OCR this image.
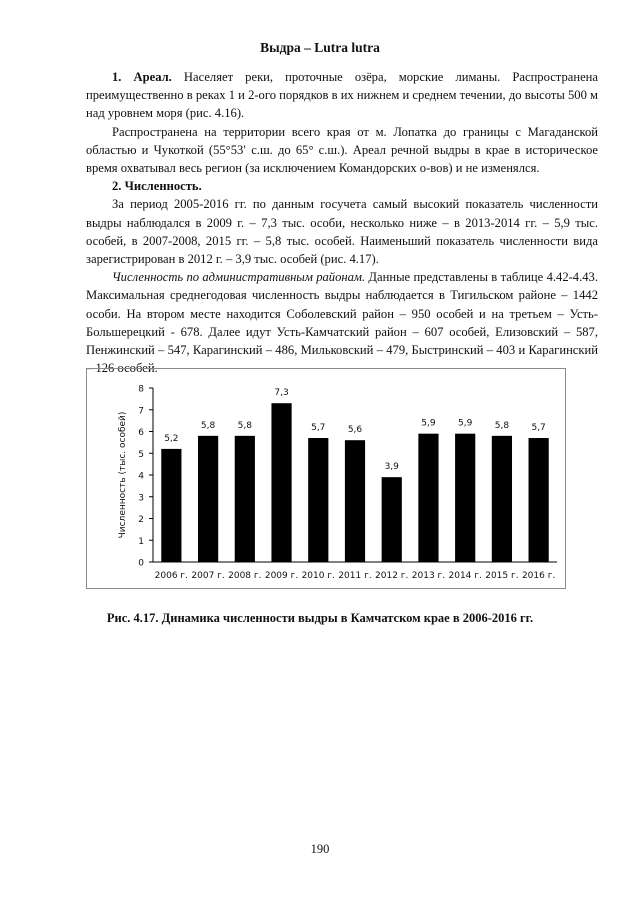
Выдра – Lutra lutra

1. Ареал. Населяет реки, проточные озёра, морские лиманы. Распространена преимущественно в реках 1 и 2-ого порядков в их нижнем и среднем течении, до высоты 500 м над уровнем моря (рис. 4.16).

Распространена на территории всего края от м. Лопатка до границы с Магаданской областью и Чукоткой (55°53′ с.ш. до 65° с.ш.). Ареал речной выдры в крае в историческое время охватывал весь регион (за исключением Командорских о-вов) и не изменялся.

2. Численность.

За период 2005-2016 гг. по данным госучета самый высокий показатель численности выдры наблюдался в 2009 г. – 7,3 тыс. особи, несколько ниже – в 2013-2014 гг. – 5,9 тыс. особей, в 2007-2008, 2015 гг. – 5,8 тыс. особей. Наименьший показатель численности вида зарегистрирован в 2012 г. – 3,9 тыс. особей (рис. 4.17).

Численность по административным районам. Данные представлены в таблице 4.42-4.43. Максимальная среднегодовая численность выдры наблюдается в Тигильском районе – 1442 особи. На втором месте находится Соболевский район – 950 особей и на третьем – Усть-Большерецкий - 678. Далее идут Усть-Камчатский район – 607 особей, Елизовский – 587, Пенжинский – 547, Карагинский – 486, Мильковский – 479, Быстринский – 403 и Карагинский – 126 особей.

0
1
2
3
4
5
6
7
8
Численность (тыс. особей)	5,2
2006 г.
5,8
2007 г.
5,8
2008 г.
7,3
2009 г.
5,7
2010 г.
5,6
2011 г.
3,9
2012 г.
5,9
2013 г.
5,9
2014 г.
5,8
2015 г.
5,7
2016 г.
Рис. 4.17. Динамика численности выдры в Камчатском крае в 2006-2016 гг.
190
